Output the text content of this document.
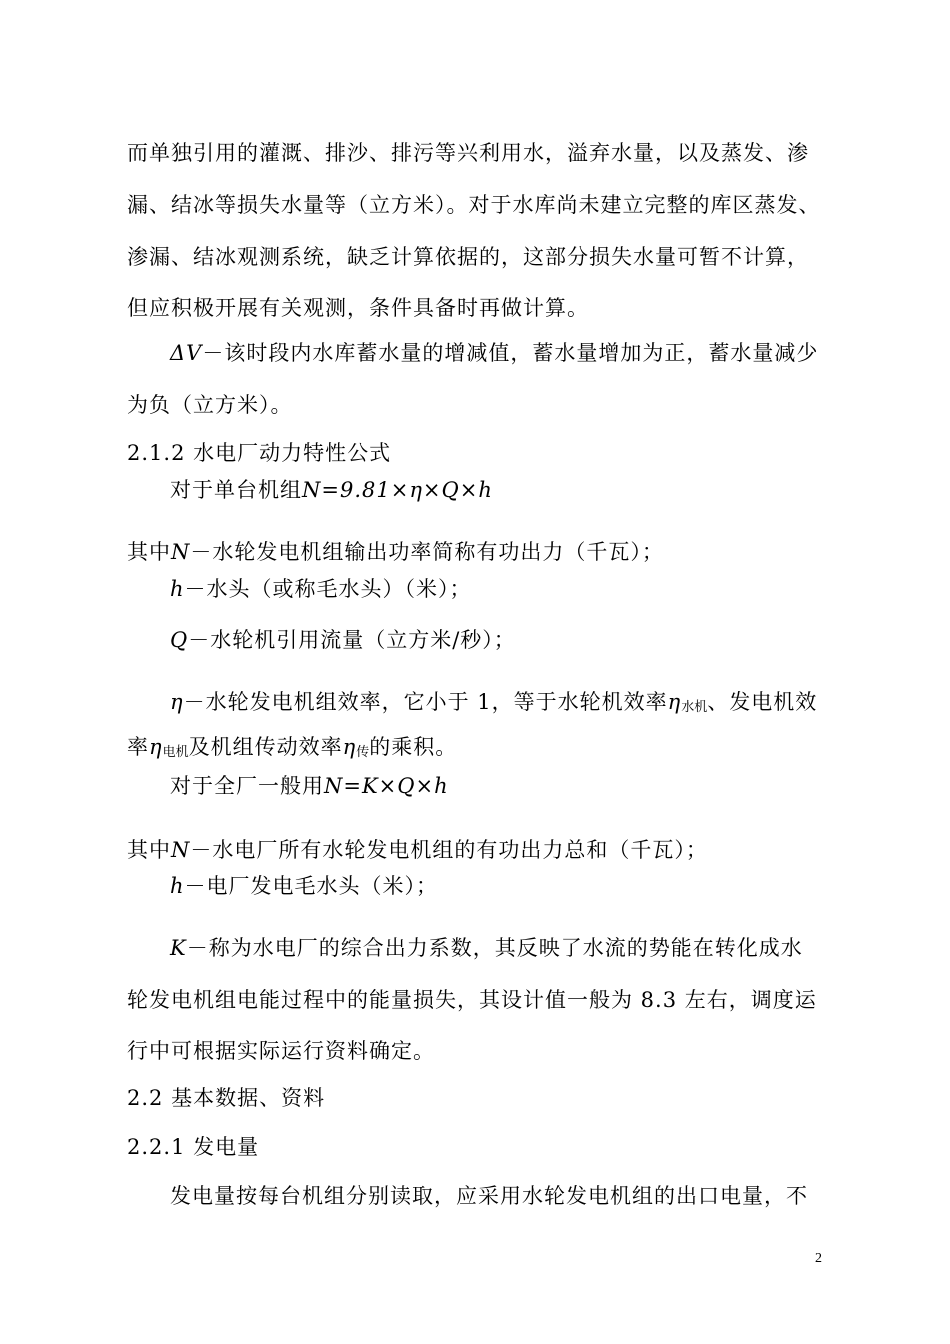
而单独引用的灌溉、排沙、排污等兴利用水，溢弃水量，以及蒸发、渗
漏、结冰等损失水量等（立方米）。对于水库尚未建立完整的库区蒸发、
渗漏、结冰观测系统，缺乏计算依据的，这部分损失水量可暂不计算，
但应积极开展有关观测，条件具备时再做计算。
ΔV－该时段内水库蓄水量的增减值，蓄水量增加为正，蓄水量减少
为负（立方米）。
2.1.2 水电厂动力特性公式
对于单台机组N=9.81×η×Q×h
其中N－水轮发电机组输出功率简称有功出力（千瓦）；
h－水头（或称毛水头）（米）；
Q－水轮机引用流量（立方米/秒）；
η－水轮发电机组效率，它小于 1，等于水轮机效率η水机、发电机效
率η电机及机组传动效率η传的乘积。
对于全厂一般用N=K×Q×h
其中N－水电厂所有水轮发电机组的有功出力总和（千瓦）；
h－电厂发电毛水头（米）；
K－称为水电厂的综合出力系数，其反映了水流的势能在转化成水
轮发电机组电能过程中的能量损失，其设计值一般为 8.3 左右，调度运
行中可根据实际运行资料确定。
2.2 基本数据、资料
2.2.1 发电量
发电量按每台机组分别读取，应采用水轮发电机组的出口电量，不
2
